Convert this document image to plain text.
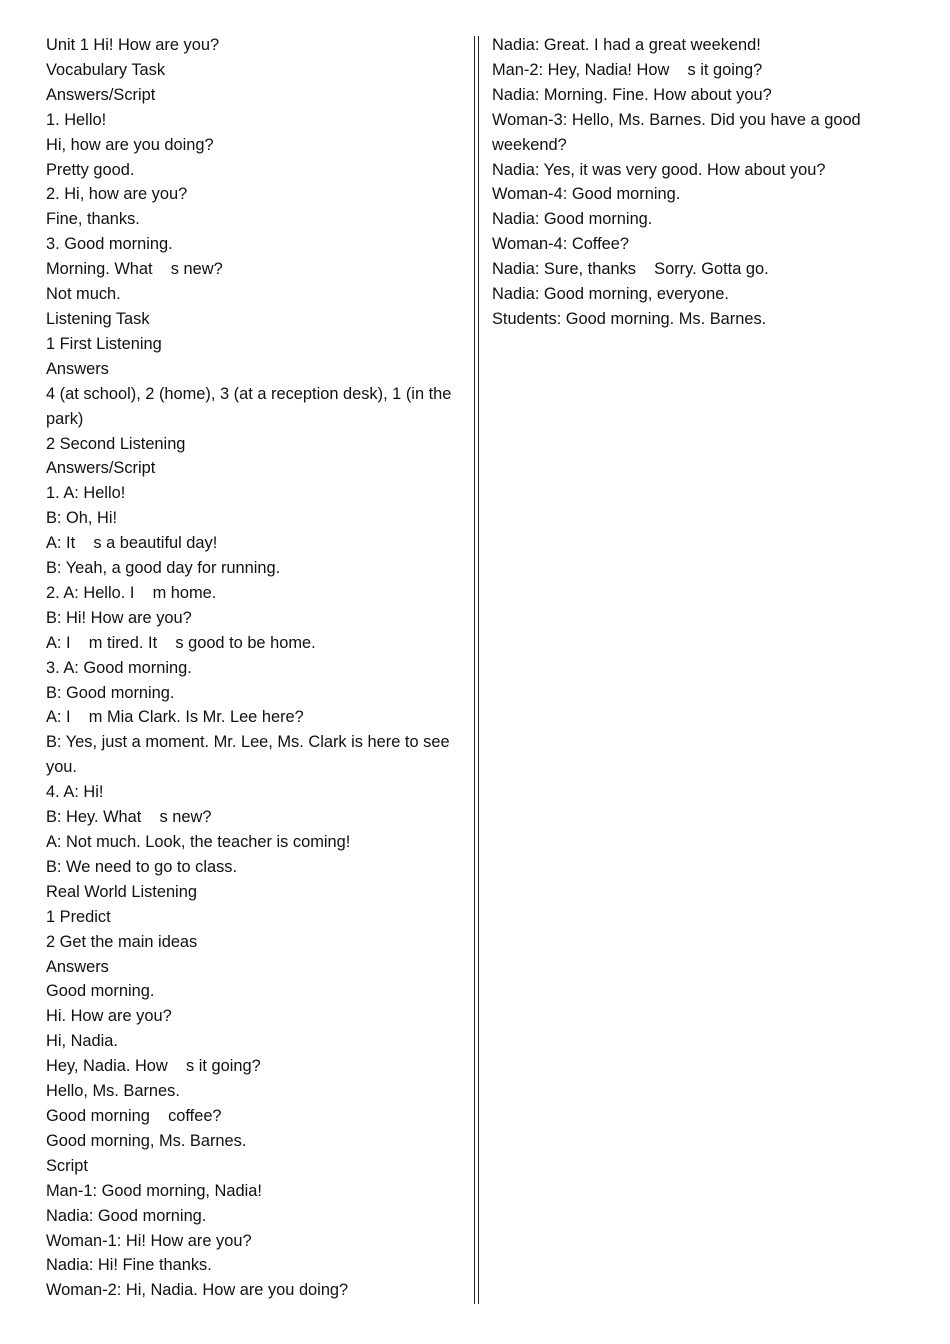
Unit 1 Hi! How are you?

Vocabulary Task

Answers/Script

1. Hello!

Hi, how are you doing?

Pretty good.

2. Hi, how are you?

Fine, thanks.

3. Good morning.

Morning. What    s new?

Not much.

Listening Task

1 First Listening

Answers

4 (at school), 2 (home), 3 (at a reception desk), 1 (in the park)

2 Second Listening

Answers/Script

1. A: Hello!

B: Oh, Hi!

A: It    s a beautiful day!

B: Yeah, a good day for running.

2. A: Hello. I    m home.

B: Hi! How are you?

A: I    m tired. It    s good to be home.

3. A: Good morning.

B: Good morning.

A: I    m Mia Clark. Is Mr. Lee here?

B: Yes, just a moment. Mr. Lee, Ms. Clark is here to see you.

4. A: Hi!

B: Hey. What    s new?

A: Not much. Look, the teacher is coming!

B: We need to go to class.

Real World Listening

1 Predict

2 Get the main ideas

Answers

Good morning.

Hi. How are you?

Hi, Nadia.

Hey, Nadia. How    s it going?

Hello, Ms. Barnes.

Good morning    coffee?

Good morning, Ms. Barnes.

Script

Man-1: Good morning, Nadia!

Nadia: Good morning.

Woman-1: Hi! How are you?

Nadia: Hi! Fine thanks.

Woman-2: Hi, Nadia. How are you doing?

Nadia: Great. I had a great weekend!

Man-2: Hey, Nadia! How    s it going?

Nadia: Morning. Fine. How about you?

Woman-3: Hello, Ms. Barnes. Did you have a good weekend?

Nadia: Yes, it was very good. How about you?

Woman-4: Good morning.

Nadia: Good morning.

Woman-4: Coffee?

Nadia: Sure, thanks    Sorry. Gotta go.

Nadia: Good morning, everyone.

Students: Good morning. Ms. Barnes.
